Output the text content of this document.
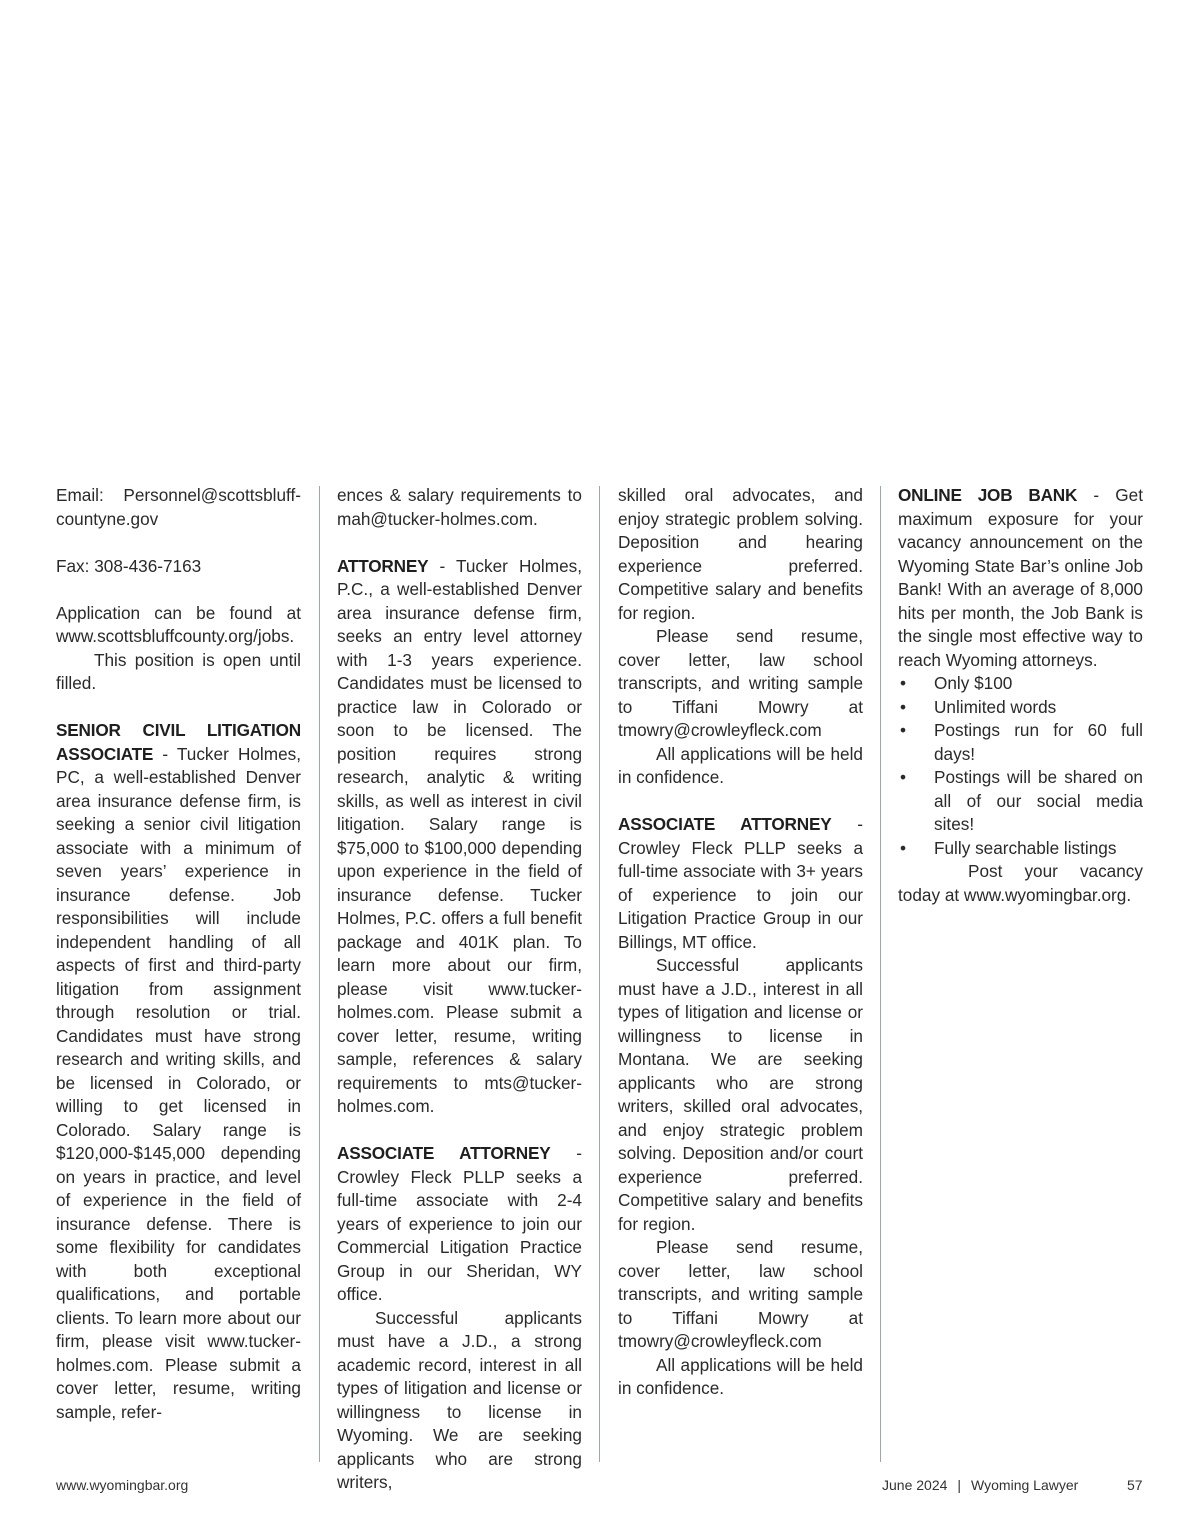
Email: Personnel@scottsbluff-countyne.gov

Fax: 308-436-7163

Application can be found at www.scottsbluffcounty.org/jobs.

This position is open until filled.

SENIOR CIVIL LITIGATION ASSOCIATE - Tucker Holmes, PC, a well-established Denver area insurance defense firm, is seeking a senior civil litigation associate with a minimum of seven years’ experience in insurance defense. Job responsibilities will include independent handling of all aspects of first and third-party litigation from assignment through resolution or trial. Candidates must have strong research and writing skills, and be licensed in Colorado, or willing to get licensed in Colorado. Salary range is $120,000-$145,000 depending on years in practice, and level of experience in the field of insurance defense. There is some flexibility for candidates with both exceptional qualifications, and portable clients. To learn more about our firm, please visit www.tucker-holmes.com. Please submit a cover letter, resume, writing sample, refer-

ences & salary requirements to mah@tucker-holmes.com.

ATTORNEY - Tucker Holmes, P.C., a well-established Denver area insurance defense firm, seeks an entry level attorney with 1-3 years experience. Candidates must be licensed to practice law in Colorado or soon to be licensed. The position requires strong research, analytic & writing skills, as well as interest in civil litigation. Salary range is $75,000 to $100,000 depending upon experience in the field of insurance defense. Tucker Holmes, P.C. offers a full benefit package and 401K plan. To learn more about our firm, please visit www.tucker-holmes.com. Please submit a cover letter, resume, writing sample, references & salary requirements to mts@tucker-holmes.com.

ASSOCIATE ATTORNEY - Crowley Fleck PLLP seeks a full-time associate with 2-4 years of experience to join our Commercial Litigation Practice Group in our Sheridan, WY office.

Successful applicants must have a J.D., a strong academic record, interest in all types of litigation and license or willingness to license in Wyoming. We are seeking applicants who are strong writers,

skilled oral advocates, and enjoy strategic problem solving. Deposition and hearing experience preferred. Competitive salary and benefits for region.

Please send resume, cover letter, law school transcripts, and writing sample to Tiffani Mowry at tmowry@crowleyfleck.com

All applications will be held in confidence.

ASSOCIATE ATTORNEY - Crowley Fleck PLLP seeks a full-time associate with 3+ years of experience to join our Litigation Practice Group in our Billings, MT office.

Successful applicants must have a J.D., interest in all types of litigation and license or willingness to license in Montana. We are seeking applicants who are strong writers, skilled oral advocates, and enjoy strategic problem solving. Deposition and/or court experience preferred. Competitive salary and benefits for region.

Please send resume, cover letter, law school transcripts, and writing sample to Tiffani Mowry at tmowry@crowleyfleck.com

All applications will be held in confidence.

ONLINE JOB BANK - Get maximum exposure for your vacancy announcement on the Wyoming State Bar’s online Job Bank! With an average of 8,000 hits per month, the Job Bank is the single most effective way to reach Wyoming attorneys.

• Only $100
• Unlimited words
• Postings run for 60 full days!
• Postings will be shared on all of our social media sites!
• Fully searchable listings

Post your vacancy today at www.wyomingbar.org.

www.wyomingbar.org	June 2024 | Wyoming Lawyer	57
